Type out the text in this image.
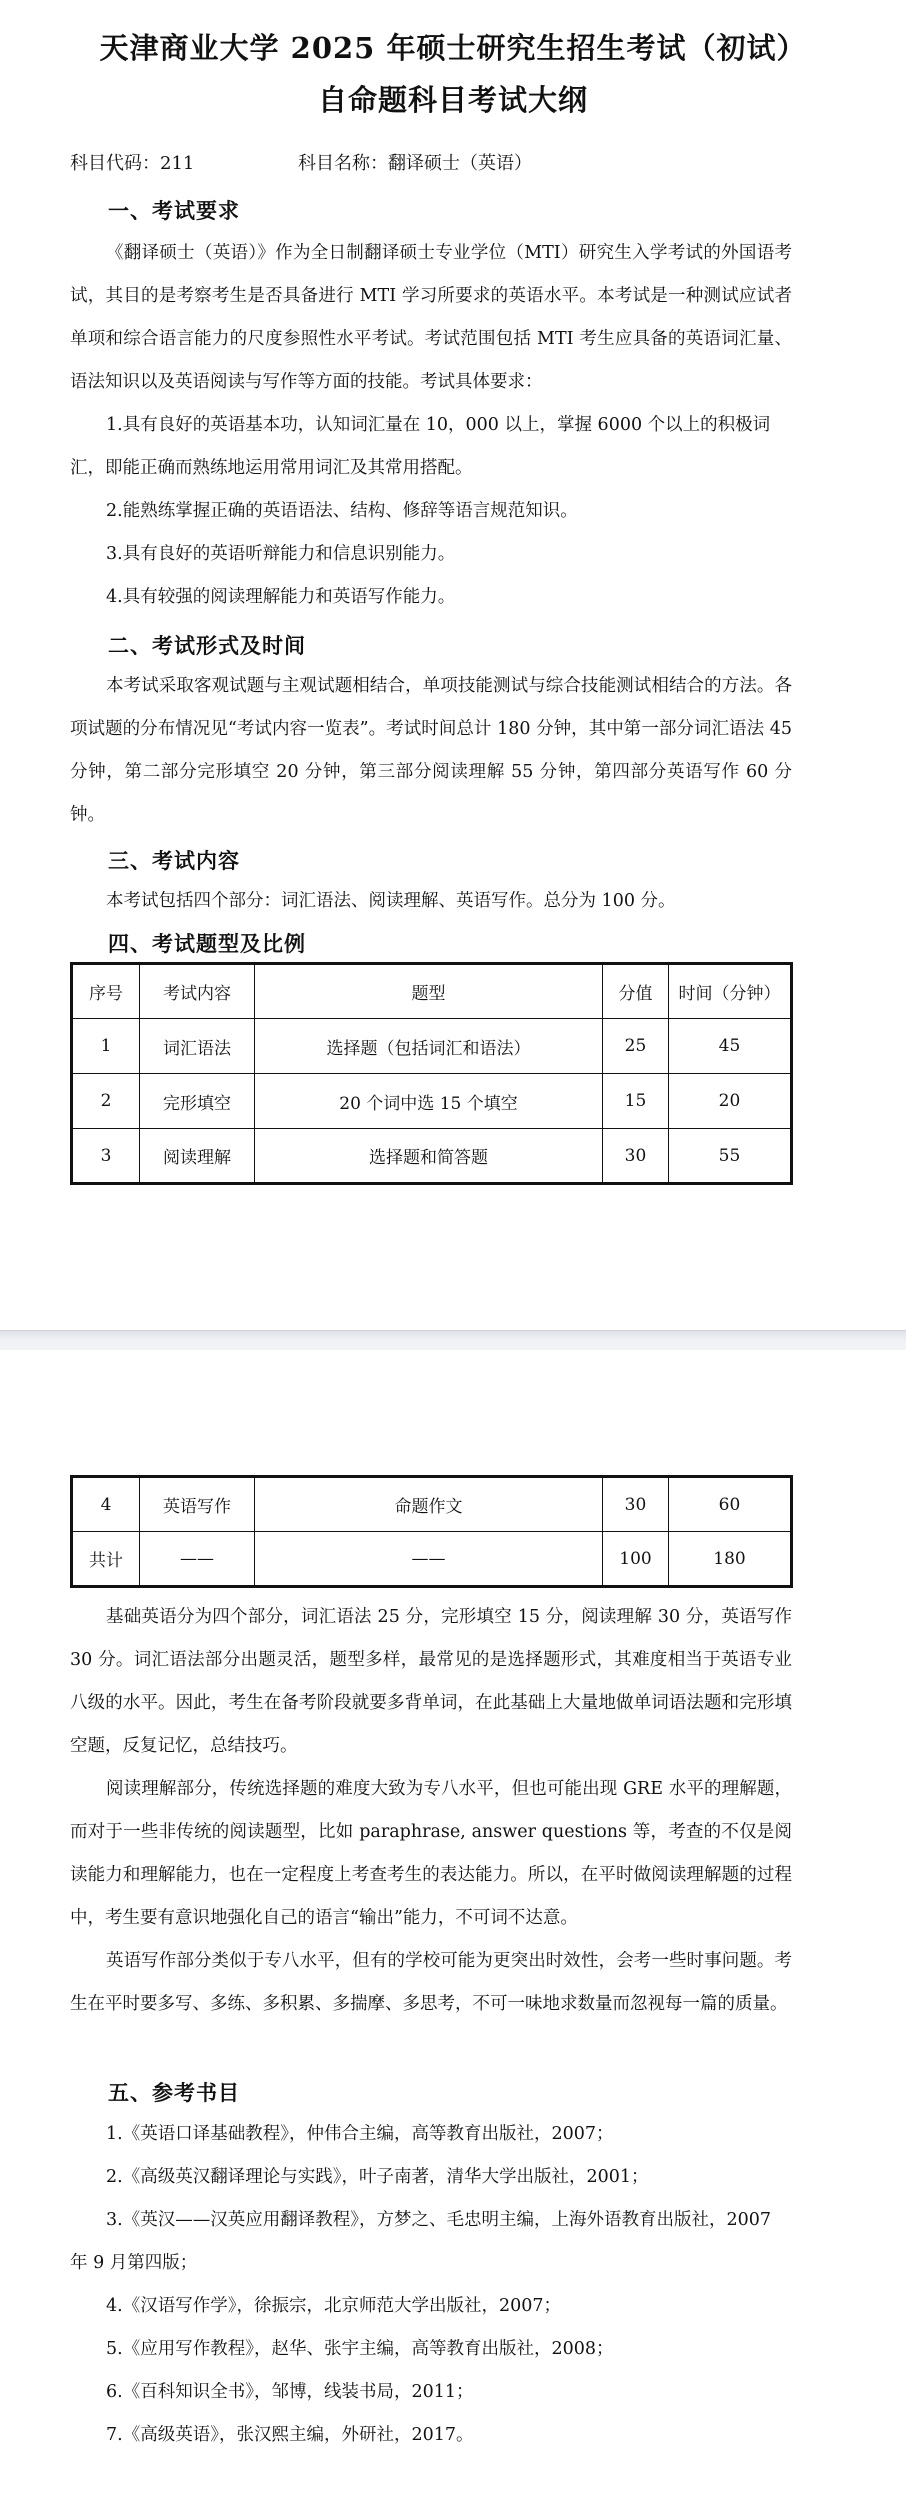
天津商业大学 2025 年硕士研究生招生考试（初试）
自命题科目考试大纲
科目代码：211	科目名称：翻译硕士（英语）
一、考试要求

《翻译硕士（英语）》作为全日制翻译硕士专业学位（MTI）研究生入学考试的外国语考试，其目的是考察考生是否具备进行 MTI 学习所要求的英语水平。本考试是一种测试应试者单项和综合语言能力的尺度参照性水平考试。考试范围包括 MTI 考生应具备的英语词汇量、语法知识以及英语阅读与写作等方面的技能。考试具体要求：

1.具有良好的英语基本功，认知词汇量在 10，000 以上，掌握 6000 个以上的积极词汇，即能正确而熟练地运用常用词汇及其常用搭配。

2.能熟练掌握正确的英语语法、结构、修辞等语言规范知识。

3.具有良好的英语听辩能力和信息识别能力。

4.具有较强的阅读理解能力和英语写作能力。

二、考试形式及时间

本考试采取客观试题与主观试题相结合，单项技能测试与综合技能测试相结合的方法。各项试题的分布情况见“考试内容一览表”。考试时间总计 180 分钟，其中第一部分词汇语法 45 分钟，第二部分完形填空 20 分钟，第三部分阅读理解 55 分钟，第四部分英语写作 60 分钟。

三、考试内容

本考试包括四个部分：词汇语法、阅读理解、英语写作。总分为 100 分。

四、考试题型及比例
序号	考试内容	题型	分值	时间（分钟）
1	词汇语法	选择题（包括词汇和语法）	25	45
2	完形填空	20 个词中选 15 个填空	15	20
3	阅读理解	选择题和简答题	30	55
4	英语写作	命题作文	30	60
共计	——	——	100	180

基础英语分为四个部分，词汇语法 25 分，完形填空 15 分，阅读理解 30 分，英语写作 30 分。词汇语法部分出题灵活，题型多样，最常见的是选择题形式，其难度相当于英语专业八级的水平。因此，考生在备考阶段就要多背单词，在此基础上大量地做单词语法题和完形填空题，反复记忆，总结技巧。

阅读理解部分，传统选择题的难度大致为专八水平，但也可能出现 GRE 水平的理解题，而对于一些非传统的阅读题型，比如 paraphrase, answer questions 等，考查的不仅是阅读能力和理解能力，也在一定程度上考查考生的表达能力。所以，在平时做阅读理解题的过程中，考生要有意识地强化自己的语言“输出”能力，不可词不达意。

英语写作部分类似于专八水平，但有的学校可能为更突出时效性，会考一些时事问题。考生在平时要多写、多练、多积累、多揣摩、多思考，不可一味地求数量而忽视每一篇的质量。

五、参考书目

1.《英语口译基础教程》，仲伟合主编，高等教育出版社，2007；

2.《高级英汉翻译理论与实践》，叶子南著，清华大学出版社，2001；

3.《英汉——汉英应用翻译教程》，方梦之、毛忠明主编，上海外语教育出版社，2007 年 9 月第四版；

4.《汉语写作学》，徐振宗，北京师范大学出版社，2007；

5.《应用写作教程》，赵华、张宇主编，高等教育出版社，2008；

6.《百科知识全书》，邹博，线装书局，2011；

7.《高级英语》，张汉熙主编，外研社，2017。
